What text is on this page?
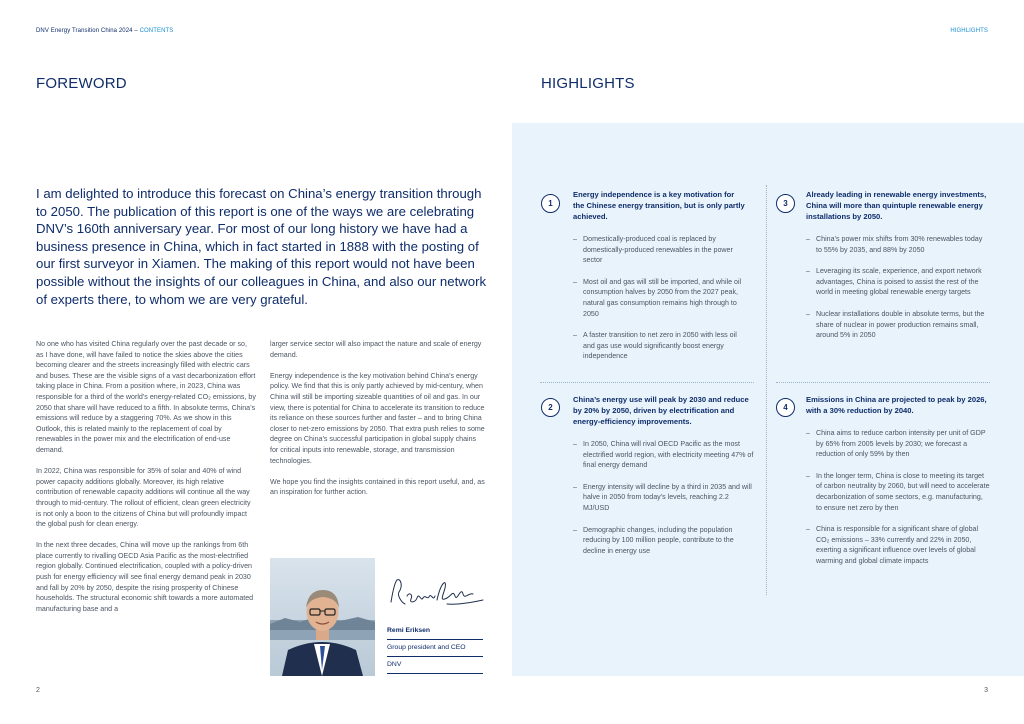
DNV Energy Transition China 2024 – CONTENTS	HIGHLIGHTS
FOREWORD
I am delighted to introduce this forecast on China’s energy transition through to 2050. The publication of this report is one of the ways we are celebrating DNV’s 160th anniversary year. For most of our long history we have had a business presence in China, which in fact started in 1888 with the posting of our first surveyor in Xiamen. The making of this report would not have been possible without the insights of our colleagues in China, and also our network of experts there, to whom we are very grateful.

No one who has visited China regularly over the past decade or so, as I have done, will have failed to notice the skies above the cities becoming clearer and the streets increasingly filled with electric cars and buses. These are the visible signs of a vast decarbonization effort taking place in China. From a position where, in 2023, China was responsible for a third of the world’s energy-related CO₂ emissions, by 2050 that share will have reduced to a fifth. In absolute terms, China’s emissions will reduce by a staggering 70%. As we show in this Outlook, this is related mainly to the replacement of coal by renewables in the power mix and the electrification of end-use demand.

In 2022, China was responsible for 35% of solar and 40% of wind power capacity additions globally. Moreover, its high relative contribution of renewable capacity additions will continue all the way through to mid-century. The rollout of efficient, clean green electricity is not only a boon to the citizens of China but will profoundly impact the global push for clean energy.

In the next three decades, China will move up the rankings from 6th place currently to rivalling OECD Asia Pacific as the most-electrified region globally. Continued electrification, coupled with a policy-driven push for energy efficiency will see final energy demand peak in 2030 and fall by 20% by 2050, despite the rising prosperity of Chinese households. The structural economic shift towards a more automated manufacturing base and a

larger service sector will also impact the nature and scale of energy demand.

Energy independence is the key motivation behind China’s energy policy. We find that this is only partly achieved by mid-century, when China will still be importing sizeable quantities of oil and gas. In our view, there is potential for China to accelerate its transition to reduce its reliance on these sources further and faster – and to bring China closer to net-zero emissions by 2050. That extra push relies to some degree on China’s successful participation in global supply chains for critical inputs into renewable, storage, and transmission technologies.

We hope you find the insights contained in this report useful, and, as an inspiration for further action.

Remi Eriksen
Remi Eriksen
Group president and CEO
DNV
2
HIGHLIGHTS
1
Energy independence is a key motivation for the Chinese energy transition, but is only partly achieved.
– Domestically-produced coal is replaced by domestically-produced renewables in the power sector
– Most oil and gas will still be imported, and while oil consumption halves by 2050 from the 2027 peak, natural gas consumption remains high through to 2050
– A faster transition to net zero in 2050 with less oil and gas use would significantly boost energy independence
2
China’s energy use will peak by 2030 and reduce by 20% by 2050, driven by electrification and energy-efficiency improvements.
– In 2050, China will rival OECD Pacific as the most electrified world region, with electricity meeting 47% of final energy demand
– Energy intensity will decline by a third in 2035 and will halve in 2050 from today’s levels, reaching 2.2 MJ/USD
– Demographic changes, including the population reducing by 100 million people, contribute to the decline in energy use
3
Already leading in renewable energy investments, China will more than quintuple renewable energy installations by 2050.
– China’s power mix shifts from 30% renewables today to 55% by 2035, and 88% by 2050
– Leveraging its scale, experience, and export network advantages, China is poised to assist the rest of the world in meeting global renewable energy targets
– Nuclear installations double in absolute terms, but the share of nuclear in power production remains small, around 5% in 2050
4
Emissions in China are projected to peak by 2026, with a 30% reduction by 2040.
– China aims to reduce carbon intensity per unit of GDP by 65% from 2005 levels by 2030; we forecast a reduction of only 59% by then
– In the longer term, China is close to meeting its target of carbon neutrality by 2060, but will need to accelerate decarbonization of some sectors, e.g. manufacturing, to ensure net zero by then
– China is responsible for a significant share of global CO₂ emissions – 33% currently and 22% in 2050, exerting a significant influence over levels of global warming and global climate impacts
3
